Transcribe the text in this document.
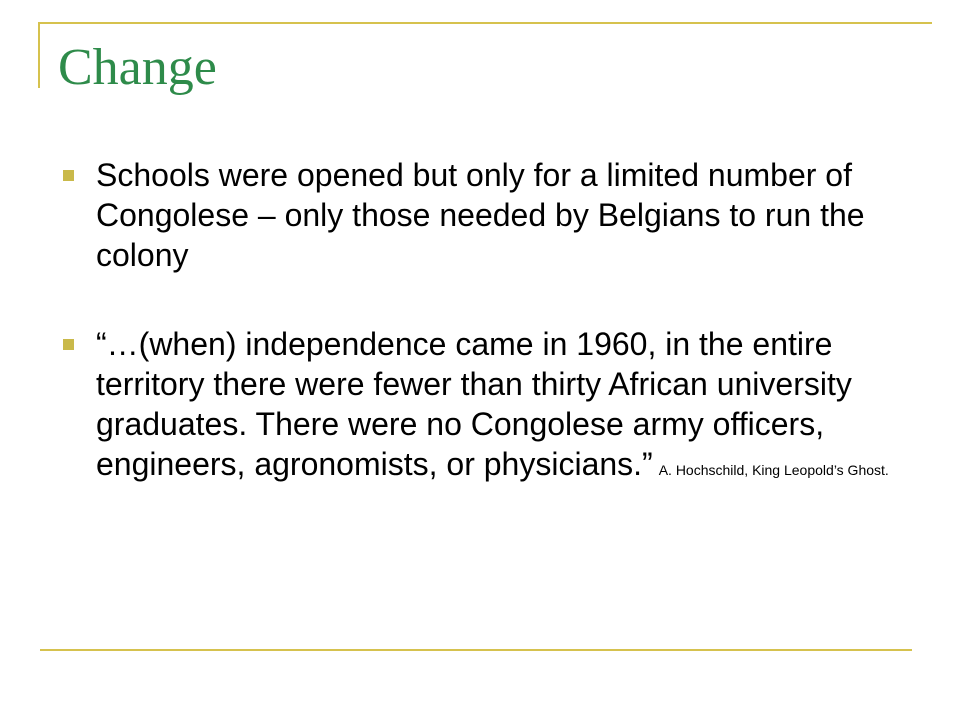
Change
Schools were opened but only for a limited number of Congolese – only those needed by Belgians to run the colony
“…(when) independence came in 1960, in the entire territory there were fewer than thirty African university graduates. There were no Congolese army officers, engineers, agronomists, or physicians.” A. Hochschild, King Leopold’s Ghost.
